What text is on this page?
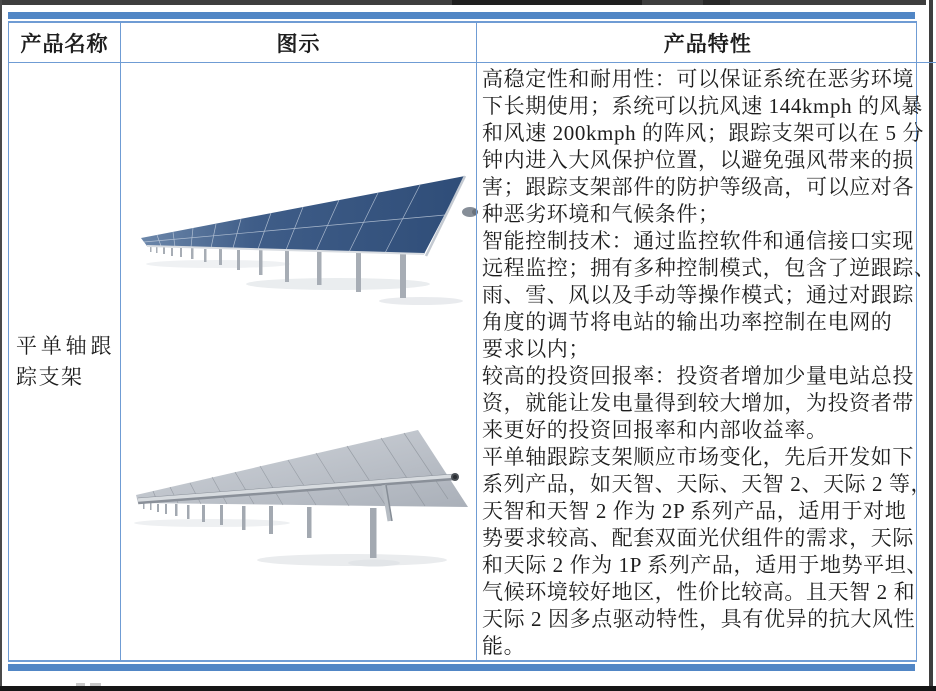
产品名称	图示	产品特性
平单轴跟踪支架
高稳定性和耐用性：可以保证系统在恶劣环境
下长期使用；系统可以抗风速 144kmph 的风暴
和风速 200kmph 的阵风；跟踪支架可以在 5 分
钟内进入大风保护位置，以避免强风带来的损
害；跟踪支架部件的防护等级高，可以应对各
种恶劣环境和气候条件；
智能控制技术：通过监控软件和通信接口实现
远程监控；拥有多种控制模式，包含了逆跟踪、
雨、雪、风以及手动等操作模式；通过对跟踪
角度的调节将电站的输出功率控制在电网的
要求以内；
较高的投资回报率：投资者增加少量电站总投
资，就能让发电量得到较大增加，为投资者带
来更好的投资回报率和内部收益率。
平单轴跟踪支架顺应市场变化，先后开发如下
系列产品，如天智、天际、天智 2、天际 2 等，
天智和天智 2 作为 2P 系列产品，适用于对地
势要求较高、配套双面光伏组件的需求，天际
和天际 2 作为 1P 系列产品，适用于地势平坦、
气候环境较好地区，性价比较高。且天智 2 和
天际 2 因多点驱动特性，具有优异的抗大风性
能。
